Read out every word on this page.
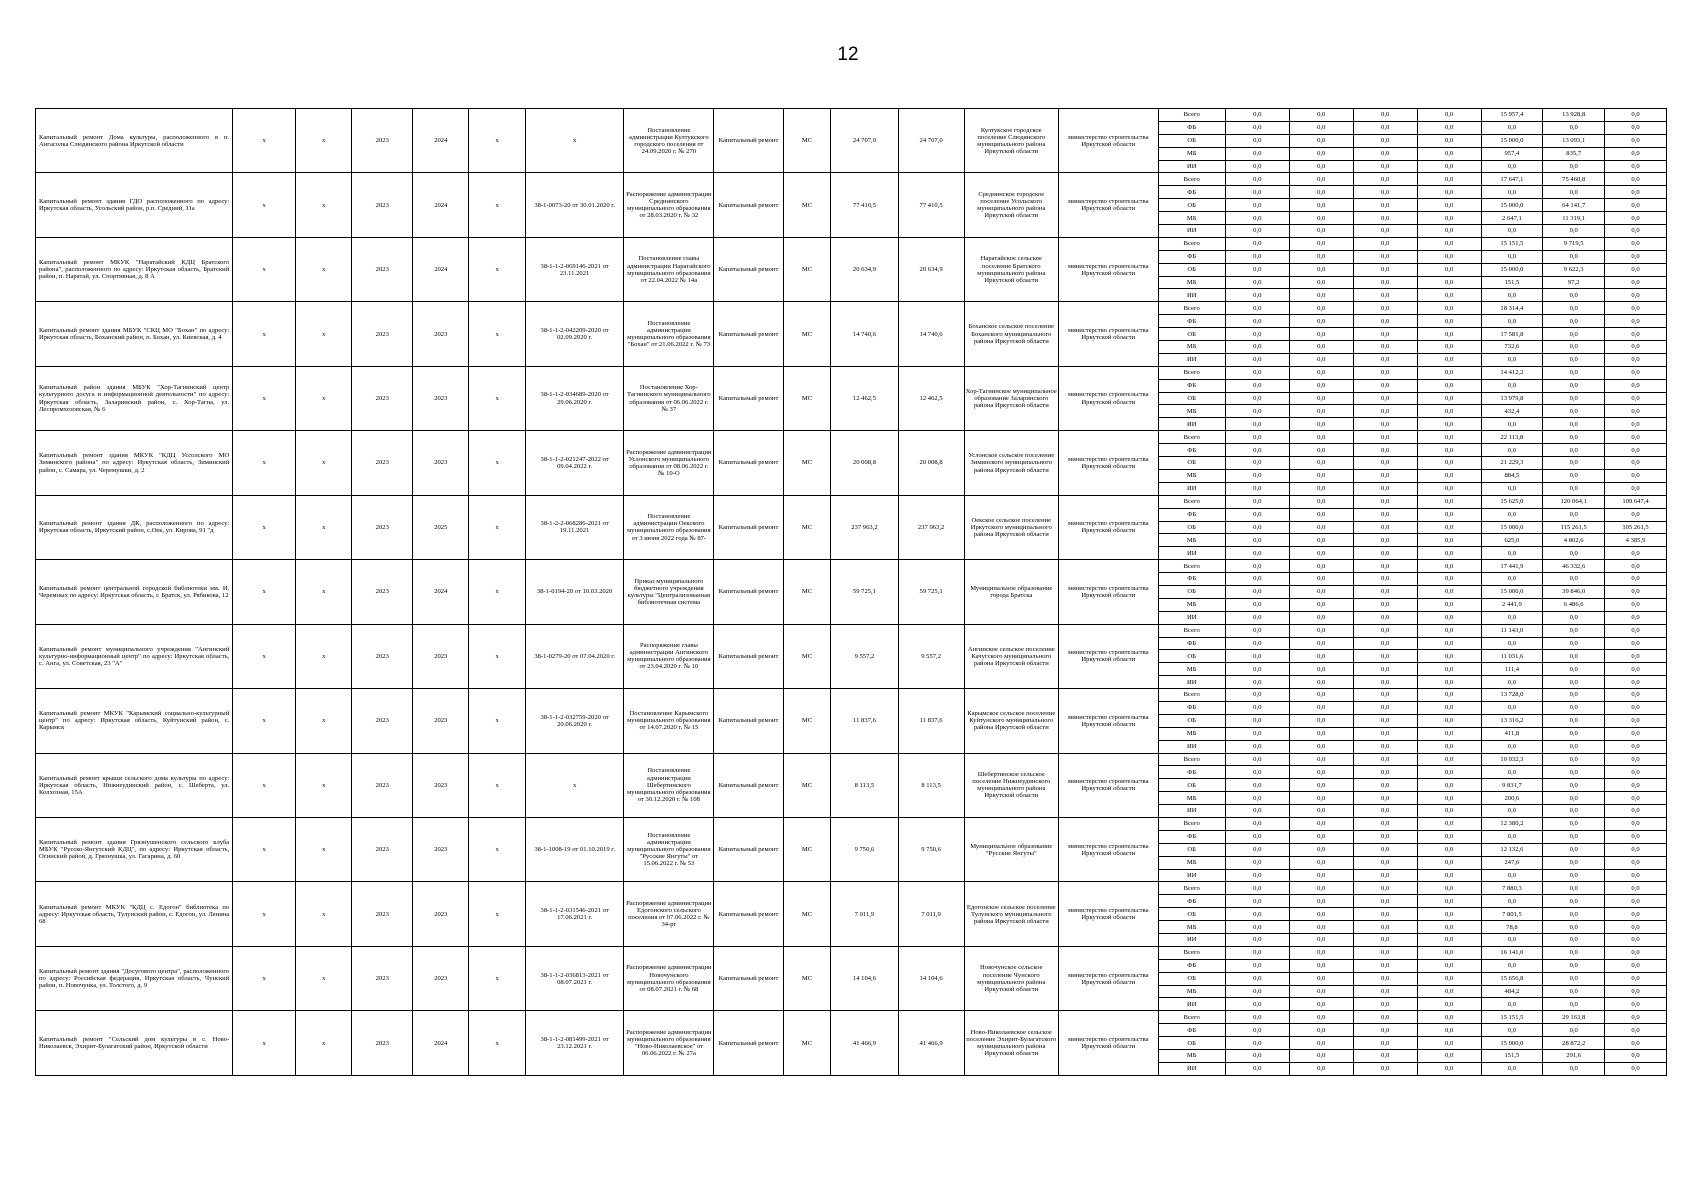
12
Капитальный ремонт Дома культуры, расположенного в п. Ангасолка Слюдянского района Иркутской области	х	х	2023	2024	х	х	Постановление администрации Култукского городского поселения от 24.09.2020 г. № 270	Капитальный ремонт	МС	24 707,0	24 707,0	Култукское городское поселение Слюдянского муниципального района Иркутской области	министерство строительства Иркутской области	Всего	0,0	0,0	0,0	0,0	15 957,4	13 928,8	0,0
														ФБ	0,0	0,0	0,0	0,0	0,0	0,0	0,0
														ОБ	0,0	0,0	0,0	0,0	15 000,0	13 093,1	0,0
														МБ	0,0	0,0	0,0	0,0	957,4	835,7	0,0
														ИИ	0,0	0,0	0,0	0,0	0,0	0,0	0,0
Капитальный ремонт здания ГДО расположенного по адресу: Иркутская область, Усольский район, р.п. Средний, 11а	х	х	2023	2024	х	38-1-0073-20 от 30.01.2020 г.	Распоряжение администрации Среднинского муниципального образования от 28.03.2020 г. № 32	Капитальный ремонт	МС	77 410,5	77 410,5	Среднинское городское поселение Усольского муниципального района Иркутской области	министерство строительства Иркутской области	Всего	0,0	0,0	0,0	0,0	17 647,1	75 460,8	0,0
														ФБ	0,0	0,0	0,0	0,0	0,0	0,0	0,0
														ОБ	0,0	0,0	0,0	0,0	15 000,0	64 141,7	0,0
														МБ	0,0	0,0	0,0	0,0	2 647,1	11 319,1	0,0
														ИИ	0,0	0,0	0,0	0,0	0,0	0,0	0,0
Капитальный ремонт МКУК "Наратайский КДЦ Братского района", расположенного по адресу: Иркутская область, Братский район, п. Наратай, ул. Спортивная, д. 8 А	х	х	2023	2024	х	38-1-1-2-069146-2021 от 23.11.2021	Постановление главы администрации Наратайского муниципального образования от 22.04.2022 № 14а	Капитальный ремонт	МС	20 634,9	20 634,9	Наратайское сельское поселение Братского муниципального района Иркутской области	министерство строительства Иркутской области	Всего	0,0	0,0	0,0	0,0	15 151,5	9 719,5	0,0
														ФБ	0,0	0,0	0,0	0,0	0,0	0,0	0,0
														ОБ	0,0	0,0	0,0	0,0	15 000,0	9 622,3	0,0
														МБ	0,0	0,0	0,0	0,0	151,5	97,2	0,0
														ИИ	0,0	0,0	0,0	0,0	0,0	0,0	0,0
Капитальный ремонт здания МБУК "СКЦ МО "Бохан" по адресу: Иркутская область, Боханский район, п. Бохан, ул. Киевская, д. 4	х	х	2023	2023	х	38-1-1-2-042209-2020 от 02.09.2020 г.	Постановление администрации муниципального образования "Бохан" от 21.06.2022 г. № 73	Капитальный ремонт	МС	14 740,6	14 740,6	Боханское сельское поселение Боханского муниципального района Иркутской области	министерство строительства Иркутской области	Всего	0,0	0,0	0,0	0,0	18 314,4	0,0	0,0
														ФБ	0,0	0,0	0,0	0,0	0,0	0,0	0,0
														ОБ	0,0	0,0	0,0	0,0	17 581,8	0,0	0,0
														МБ	0,0	0,0	0,0	0,0	732,6	0,0	0,0
														ИИ	0,0	0,0	0,0	0,0	0,0	0,0	0,0
Капитальный район здания МБУК "Хор-Тагнинский центр культурного досуга и информационной деятельности" по адресу: Иркутская область, Заларинский район, с. Хор-Тагна, ул. Леспромхозовская, № 6	х	х	2023	2023	х	38-1-1-2-034689-2020 от 29.06.2020 г.	Постановление Хор-Тагнинского муниципального образования от 06.06.2022 г. № 37	Капитальный ремонт	МС	12 462,5	12 462,5	Хор-Тагнинское муниципальное образование Заларинского района Иркутской области	министерство строительства Иркутской области	Всего	0,0	0,0	0,0	0,0	14 412,2	0,0	0,0
														ФБ	0,0	0,0	0,0	0,0	0,0	0,0	0,0
														ОБ	0,0	0,0	0,0	0,0	13 979,8	0,0	0,0
														МБ	0,0	0,0	0,0	0,0	432,4	0,0	0,0
														ИИ	0,0	0,0	0,0	0,0	0,0	0,0	0,0
Капитальный ремонт здания МКУК "КДЦ Уссолского МО Зиминского района" по адресу: Иркутская область, Зиминский район, с. Самара, ул. Черемушки, д. 2	х	х	2023	2023	х	38-1-1-2-021247-2022 от 09.04.2022 г.	Распоряжение администрации Услонского муниципального образования от 08.06.2022 г. № 10-О	Капитальный ремонт	МС	20 008,8	20 008,8	Услонское сельское поселение Зиминского муниципального района Иркутской области	министерство строительства Иркутской области	Всего	0,0	0,0	0,0	0,0	22 113,8	0,0	0,0
														ФБ	0,0	0,0	0,0	0,0	0,0	0,0	0,0
														ОБ	0,0	0,0	0,0	0,0	21 229,3	0,0	0,0
														МБ	0,0	0,0	0,0	0,0	884,5	0,0	0,0
														ИИ	0,0	0,0	0,0	0,0	0,0	0,0	0,0
Капитальный ремонт здания ДК, расположенного по адресу: Иркутская область, Иркутский район, с.Оек, ул. Кирова, 91 "д	х	х	2023	2025	х	38-1-2-2-068286-2021 от 19.11.2021	Постановление администрации Оекского муниципального образования от 3 июня 2022 года № 87-	Капитальный ремонт	МС	237 963,2	237 963,2	Оекское сельское поселение Иркутского муниципального района Иркутской области	министерство строительства Иркутской области	Всего	0,0	0,0	0,0	0,0	15 625,0	120 064,1	109 647,4
														ФБ	0,0	0,0	0,0	0,0	0,0	0,0	0,0
														ОБ	0,0	0,0	0,0	0,0	15 000,0	115 261,5	105 261,5
														МБ	0,0	0,0	0,0	0,0	625,0	4 802,6	4 385,9
														ИИ	0,0	0,0	0,0	0,0	0,0	0,0	0,0
Капитальный ремонт центральной городской библиотеки им. И. Черемных по адресу: Иркутская область, г. Братск, ул. Рябикова, 12	х	х	2023	2024	х	38-1-0194-20 от 10.03.2020	Приказ муниципального бюджетного учреждения культуры "Централизованная библиотечная система	Капитальный ремонт	МС	59 725,1	59 725,1	Муниципальное образование города Братска	министерство строительства Иркутской области	Всего	0,0	0,0	0,0	0,0	17 441,9	46 332,6	0,0
														ФБ	0,0	0,0	0,0	0,0	0,0	0,0	0,0
														ОБ	0,0	0,0	0,0	0,0	15 000,0	39 846,0	0,0
														МБ	0,0	0,0	0,0	0,0	2 441,9	6 486,6	0,0
														ИИ	0,0	0,0	0,0	0,0	0,0	0,0	0,0
Капитальный ремонт муниципального учреждения "Ангинский культурно-информационный центр" по адресу: Иркутская область, с. Анга, ул. Советская, 23 "А"	х	х	2023	2023	х	38-1-0279-20 от 07.04.2020 г.	Распоряжение главы администрации Ангинского муниципального образования от 23.04.2020 г. № 10	Капитальный ремонт	МС	9 557,2	9 557,2	Ангинское сельское поселение Качугского муниципального района Иркутской области	министерство строительства Иркутской области	Всего	0,0	0,0	0,0	0,0	11 143,0	0,0	0,0
														ФБ	0,0	0,0	0,0	0,0	0,0	0,0	0,0
														ОБ	0,0	0,0	0,0	0,0	11 031,6	0,0	0,0
														МБ	0,0	0,0	0,0	0,0	111,4	0,0	0,0
														ИИ	0,0	0,0	0,0	0,0	0,0	0,0	0,0
Капитальный ремонт МКУК "Карымский социально-культурный центр" по адресу: Иркутская область, Куйтунский район, с. Карымск	х	х	2023	2023	х	38-1-1-2-032759-2020 от 20.06.2020 г.	Постановление Карымского муниципального образования от 14.07.2020 г. № 15	Капитальный ремонт	МС	11 837,6	11 837,6	Карымское сельское поселение Куйтунского муниципального района Иркутской области	министерство строительства Иркутской области	Всего	0,0	0,0	0,0	0,0	13 728,0	0,0	0,0
														ФБ	0,0	0,0	0,0	0,0	0,0	0,0	0,0
														ОБ	0,0	0,0	0,0	0,0	13 316,2	0,0	0,0
														МБ	0,0	0,0	0,0	0,0	411,8	0,0	0,0
														ИИ	0,0	0,0	0,0	0,0	0,0	0,0	0,0
Капитальный ремонт крыши сельского дома культуры по адресу: Иркутская область, Нижнеудинский район, с. Шеберта, ул. Колхозная, 15А	х	х	2023	2023	х	х	Постановление администрации Шебертинского муниципального образования от 30.12.2020 г. № 108	Капитальный ремонт	МС	8 113,5	8 113,5	Шебертинское сельское поселение Нижнеудинского муниципального района Иркутской области	министерство строительства Иркутской области	Всего	0,0	0,0	0,0	0,0	10 032,3	0,0	0,0
														ФБ	0,0	0,0	0,0	0,0	0,0	0,0	0,0
														ОБ	0,0	0,0	0,0	0,0	9 831,7	0,0	0,0
														МБ	0,0	0,0	0,0	0,0	200,6	0,0	0,0
														ИИ	0,0	0,0	0,0	0,0	0,0	0,0	0,0
Капитальный ремонт здания Грязнушенского сельского клуба МБУК "Русско-Янгутский КДЦ", по адресу: Иркутская область, Осинский район, д. Грязнушка, ул. Гагарина, д. 60	х	х	2023	2023	х	38-1-1008-19 от 01.10.2019 г.	Постановление администрации муниципального образования "Русские Янгуты" от 15.06.2022 г. № 53	Капитальный ремонт	МС	9 750,6	9 750,6	Муниципальное образование "Русские Янгуты"	министерство строительства Иркутской области	Всего	0,0	0,0	0,0	0,0	12 380,2	0,0	0,0
														ФБ	0,0	0,0	0,0	0,0	0,0	0,0	0,0
														ОБ	0,0	0,0	0,0	0,0	12 132,6	0,0	0,0
														МБ	0,0	0,0	0,0	0,0	247,6	0,0	0,0
														ИИ	0,0	0,0	0,0	0,0	0,0	0,0	0,0
Капитальный ремонт МКУК "КДЦ с. Едогон" библиотека по адресу: Иркутская область, Тулунский район, с. Едогон, ул. Ленина 68	х	х	2023	2023	х	38-1-1-2-031546-2021 от 17.06.2021 г.	Распоряжение администрации Едогонского сельского поселения от 07.06.2022 г. № 34-рг	Капитальный ремонт	МС	7 011,9	7 011,9	Едогонское сельское поселение Тулунского муниципального района Иркутской области	министерство строительства Иркутской области	Всего	0,0	0,0	0,0	0,0	7 880,3	0,0	0,0
														ФБ	0,0	0,0	0,0	0,0	0,0	0,0	0,0
														ОБ	0,0	0,0	0,0	0,0	7 801,5	0,0	0,0
														МБ	0,0	0,0	0,0	0,0	78,8	0,0	0,0
														ИИ	0,0	0,0	0,0	0,0	0,0	0,0	0,0
Капитальный ремонт здания "Досугового центра", расположенного по адресу: Российская федерация, Иркутская область, Чунский район, п. Новочунка, ул. Толстого, д. 9	х	х	2023	2023	х	38-1-1-2-036813-2021 от 08.07.2021 г.	Распоряжение администрации Новочунского муниципального образования от 08.07.2021 г. № 68	Капитальный ремонт	МС	14 104,6	14 104,6	Новочунское сельское поселение Чунского муниципального района Иркутской области	министерство строительства Иркутской области	Всего	0,0	0,0	0,0	0,0	16 141,0	0,0	0,0
														ФБ	0,0	0,0	0,0	0,0	0,0	0,0	0,0
														ОБ	0,0	0,0	0,0	0,0	15 656,8	0,0	0,0
														МБ	0,0	0,0	0,0	0,0	484,2	0,0	0,0
														ИИ	0,0	0,0	0,0	0,0	0,0	0,0	0,0
Капитальный ремонт "Сельский дом культуры в с. Ново-Николаевск, Эхирит-Булагатский район, Иркутской области	х	х	2023	2024	х	38-1-1-2-081499-2021 от 23.12.2021 г.	Распоряжение администрации муниципального образования "Ново-Николаевское" от 06.06.2022 г. № 27а	Капитальный ремонт	МС	41 466,9	41 466,9	Ново-Николаевское сельское поселение Эхирит-Булагатского муниципального района Иркутской области	министерство строительства Иркутской области	Всего	0,0	0,0	0,0	0,0	15 151,5	29 163,8	0,0
														ФБ	0,0	0,0	0,0	0,0	0,0	0,0	0,0
														ОБ	0,0	0,0	0,0	0,0	15 000,0	28 872,2	0,0
														МБ	0,0	0,0	0,0	0,0	151,5	291,6	0,0
														ИИ	0,0	0,0	0,0	0,0	0,0	0,0	0,0
